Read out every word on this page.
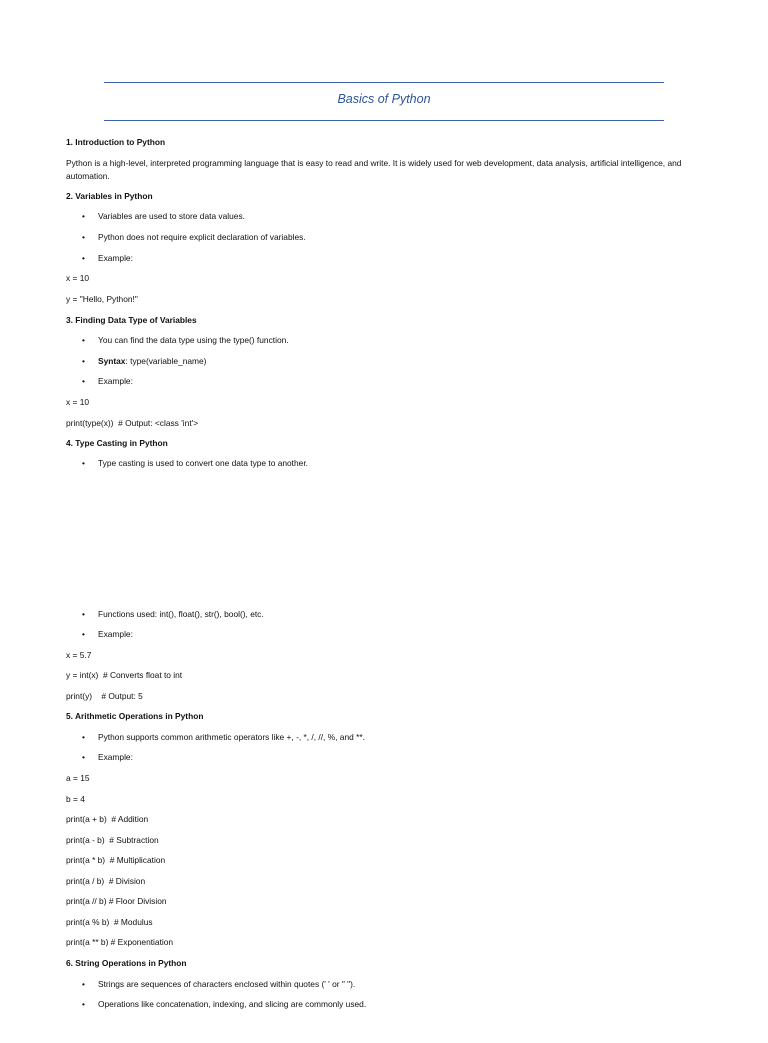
Basics of Python
1. Introduction to Python
Python is a high-level, interpreted programming language that is easy to read and write. It is widely used for web development, data analysis, artificial intelligence, and automation.
2. Variables in Python

•

Variables are used to store data values.

•

Python does not require explicit declaration of variables.

•

Example:

x = 10
y = "Hello, Python!"
3. Finding Data Type of Variables

•

You can find the data type using the type() function.

•

Syntax: type(variable_name)

•

Example:

x = 10
print(type(x))  # Output: <class 'int'>
4. Type Casting in Python

•

Type casting is used to convert one data type to another.

•

Functions used: int(), float(), str(), bool(), etc.

•

Example:

x = 5.7
y = int(x)  # Converts float to int
print(y)    # Output: 5
5. Arithmetic Operations in Python

•

Python supports common arithmetic operators like +, -, *, /, //, %, and **.

•

Example:

a = 15
b = 4
print(a + b)  # Addition
print(a - b)  # Subtraction
print(a * b)  # Multiplication
print(a / b)  # Division
print(a // b) # Floor Division
print(a % b)  # Modulus
print(a ** b) # Exponentiation
6. String Operations in Python

•

Strings are sequences of characters enclosed within quotes (' ' or " ").

•

Operations like concatenation, indexing, and slicing are commonly used.
